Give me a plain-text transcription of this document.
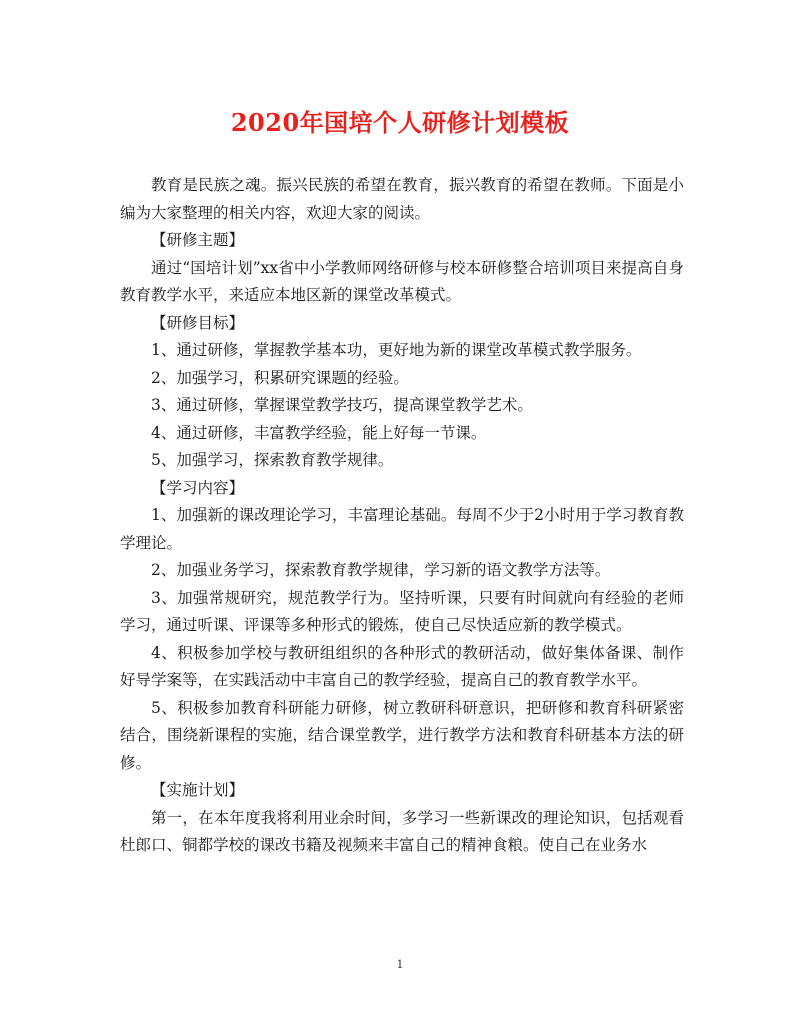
2020年国培个人研修计划模板

教育是民族之魂。振兴民族的希望在教育，振兴教育的希望在教师。下面是小编为大家整理的相关内容，欢迎大家的阅读。

【研修主题】

通过“国培计划”xx省中小学教师网络研修与校本研修整合培训项目来提高自身教育教学水平，来适应本地区新的课堂改革模式。

【研修目标】

1、通过研修，掌握教学基本功，更好地为新的课堂改革模式教学服务。

2、加强学习，积累研究课题的经验。

3、通过研修，掌握课堂教学技巧，提高课堂教学艺术。

4、通过研修，丰富教学经验，能上好每一节课。

5、加强学习，探索教育教学规律。

【学习内容】

1、加强新的课改理论学习，丰富理论基础。每周不少于2小时用于学习教育教学理论。

2、加强业务学习，探索教育教学规律，学习新的语文教学方法等。

3、加强常规研究，规范教学行为。坚持听课，只要有时间就向有经验的老师学习，通过听课、评课等多种形式的锻炼，使自己尽快适应新的教学模式。

4、积极参加学校与教研组组织的各种形式的教研活动，做好集体备课、制作好导学案等，在实践活动中丰富自己的教学经验，提高自己的教育教学水平。

5、积极参加教育科研能力研修，树立教研科研意识，把研修和教育科研紧密结合，围绕新课程的实施，结合课堂教学，进行教学方法和教育科研基本方法的研修。

【实施计划】

第一，在本年度我将利用业余时间，多学习一些新课改的理论知识，包括观看杜郎口、铜都学校的课改书籍及视频来丰富自己的精神食粮。使自己在业务水

1
